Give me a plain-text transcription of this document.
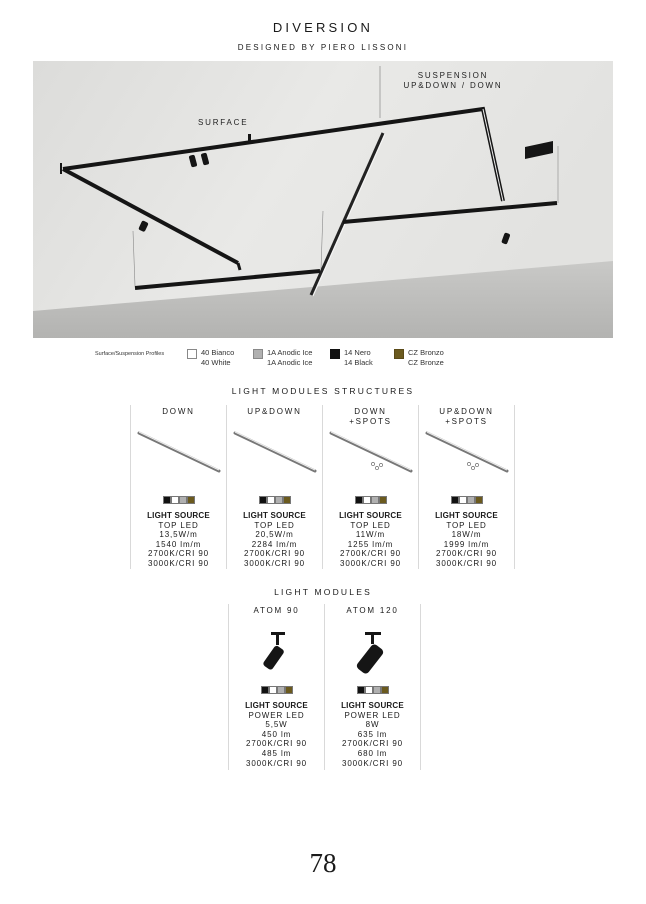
DIVERSION
DESIGNED BY PIERO LISSONI
SURFACE
SUSPENSION
UP&DOWN / DOWN
Surface/Suspension Profiles	40 Bianco
40 White
1A Anodic Ice
1A Anodic Ice
14 Nero
14 Black
CZ Bronzo
CZ Bronze
LIGHT MODULES STRUCTURES
DOWN
LIGHT SOURCE
TOP LED
13,5W/m
1540 lm/m
2700K/CRI 90
3000K/CRI 90
UP&DOWN
LIGHT SOURCE
TOP LED
20,5W/m
2284 lm/m
2700K/CRI 90
3000K/CRI 90
DOWN
+SPOTS
LIGHT SOURCE
TOP LED
11W/m
1255 lm/m
2700K/CRI 90
3000K/CRI 90
UP&DOWN
+SPOTS
LIGHT SOURCE
TOP LED
18W/m
1999 lm/m
2700K/CRI 90
3000K/CRI 90
LIGHT MODULES
ATOM 90
LIGHT SOURCE
POWER LED
5,5W
450 lm
2700K/CRI 90
485 lm
3000K/CRI 90
ATOM 120
LIGHT SOURCE
POWER LED
8W
635 lm
2700K/CRI 90
680 lm
3000K/CRI 90
78
